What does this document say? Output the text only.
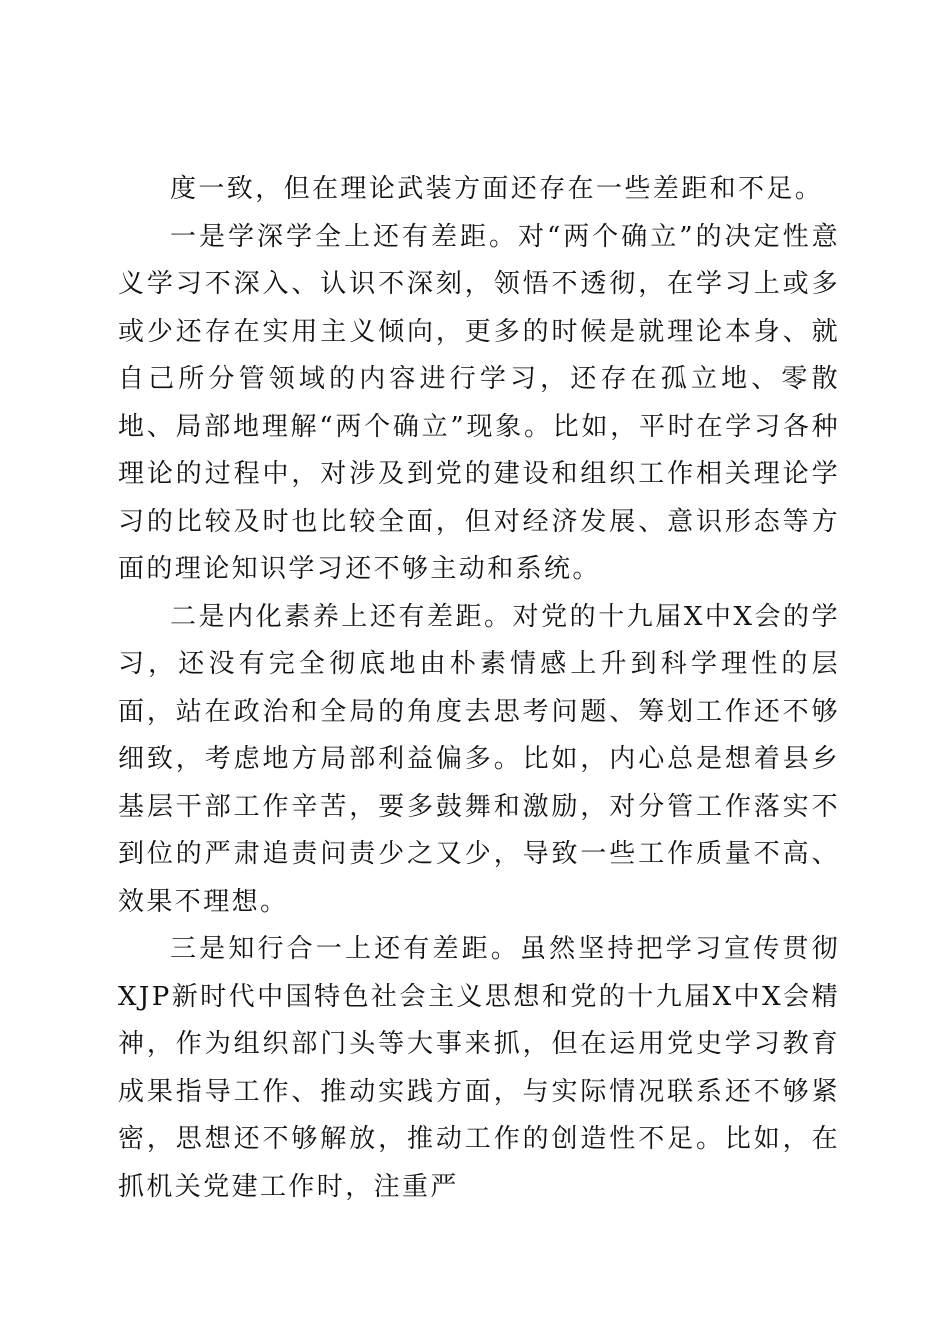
度一致，但在理论武装方面还存在一些差距和不足。

一是学深学全上还有差距。对“两个确立”的决定性意义学习不深入、认识不深刻，领悟不透彻，在学习上或多或少还存在实用主义倾向，更多的时候是就理论本身、就自己所分管领域的内容进行学习，还存在孤立地、零散地、局部地理解“两个确立”现象。比如，平时在学习各种理论的过程中，对涉及到党的建设和组织工作相关理论学习的比较及时也比较全面，但对经济发展、意识形态等方面的理论知识学习还不够主动和系统。

二是内化素养上还有差距。对党的十九届X中X会的学习，还没有完全彻底地由朴素情感上升到科学理性的层面，站在政治和全局的角度去思考问题、筹划工作还不够细致，考虑地方局部利益偏多。比如，内心总是想着县乡基层干部工作辛苦，要多鼓舞和激励，对分管工作落实不到位的严肃追责问责少之又少，导致一些工作质量不高、效果不理想。

三是知行合一上还有差距。虽然坚持把学习宣传贯彻XJP新时代中国特色社会主义思想和党的十九届X中X会精神，作为组织部门头等大事来抓，但在运用党史学习教育成果指导工作、推动实践方面，与实际情况联系还不够紧密，思想还不够解放，推动工作的创造性不足。比如，在抓机关党建工作时，注重严
